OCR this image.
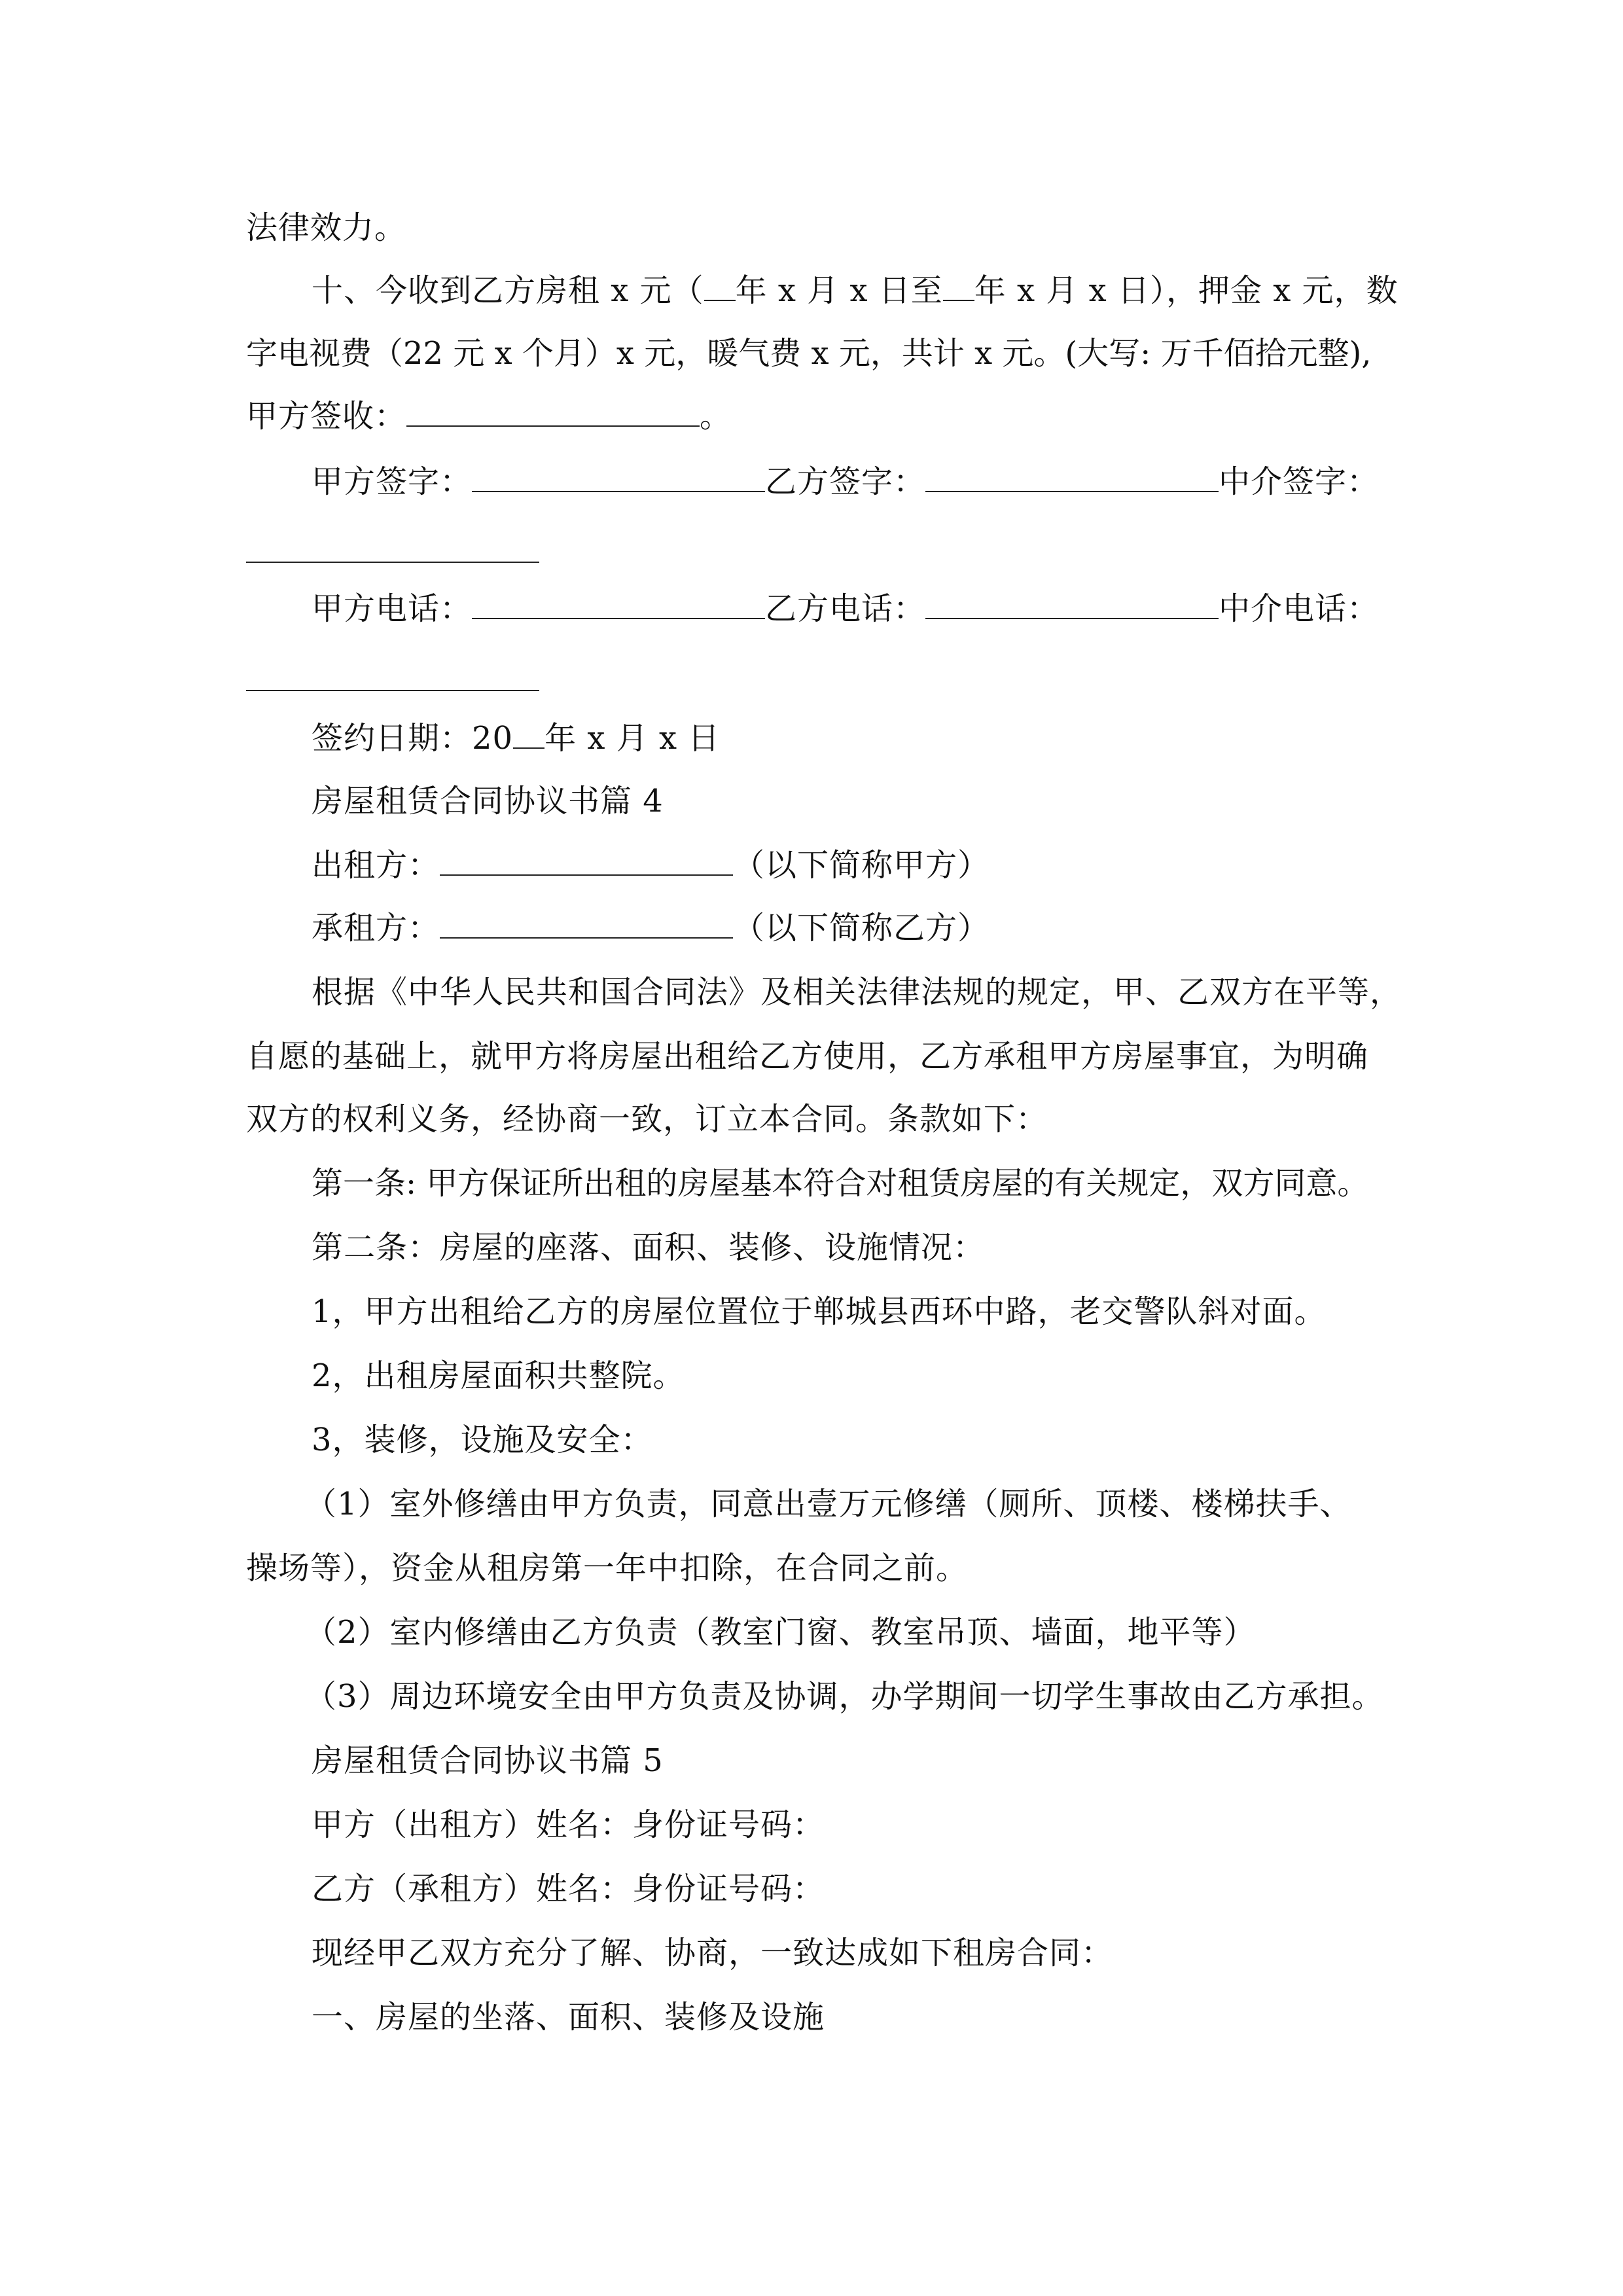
法律效力。
十、今收到乙方房租 x 元（ 年 x 月 x 日至 年 x 月 x 日），押金 x 元，数
字电视费（22 元 x 个月）x 元，暖气费 x 元，共计 x 元。(大写: 万千佰拾元整),
甲方签收：	。
甲方签字：	乙方签字：	中介签字：
甲方电话：	乙方电话：	中介电话：
签约日期：20 年 x 月 x 日
房屋租赁合同协议书篇 4
出租方：	（以下简称甲方）
承租方：	（以下简称乙方）
根据《中华人民共和国合同法》及相关法律法规的规定，甲、乙双方在平等，
自愿的基础上，就甲方将房屋出租给乙方使用，乙方承租甲方房屋事宜，为明确
双方的权利义务，经协商一致，订立本合同。条款如下：
第一条: 甲方保证所出租的房屋基本符合对租赁房屋的有关规定，双方同意。
第二条：房屋的座落、面积、装修、设施情况：
1，甲方出租给乙方的房屋位置位于郸城县西环中路，老交警队斜对面。
2，出租房屋面积共整院。
3，装修，设施及安全：
（1）室外修缮由甲方负责，同意出壹万元修缮（厕所、顶楼、楼梯扶手、
操场等），资金从租房第一年中扣除，在合同之前。
（2）室内修缮由乙方负责（教室门窗、教室吊顶、墙面，地平等）
（3）周边环境安全由甲方负责及协调，办学期间一切学生事故由乙方承担。
房屋租赁合同协议书篇 5
甲方（出租方）姓名：身份证号码：
乙方（承租方）姓名：身份证号码：
现经甲乙双方充分了解、协商，一致达成如下租房合同：
一、房屋的坐落、面积、装修及设施
